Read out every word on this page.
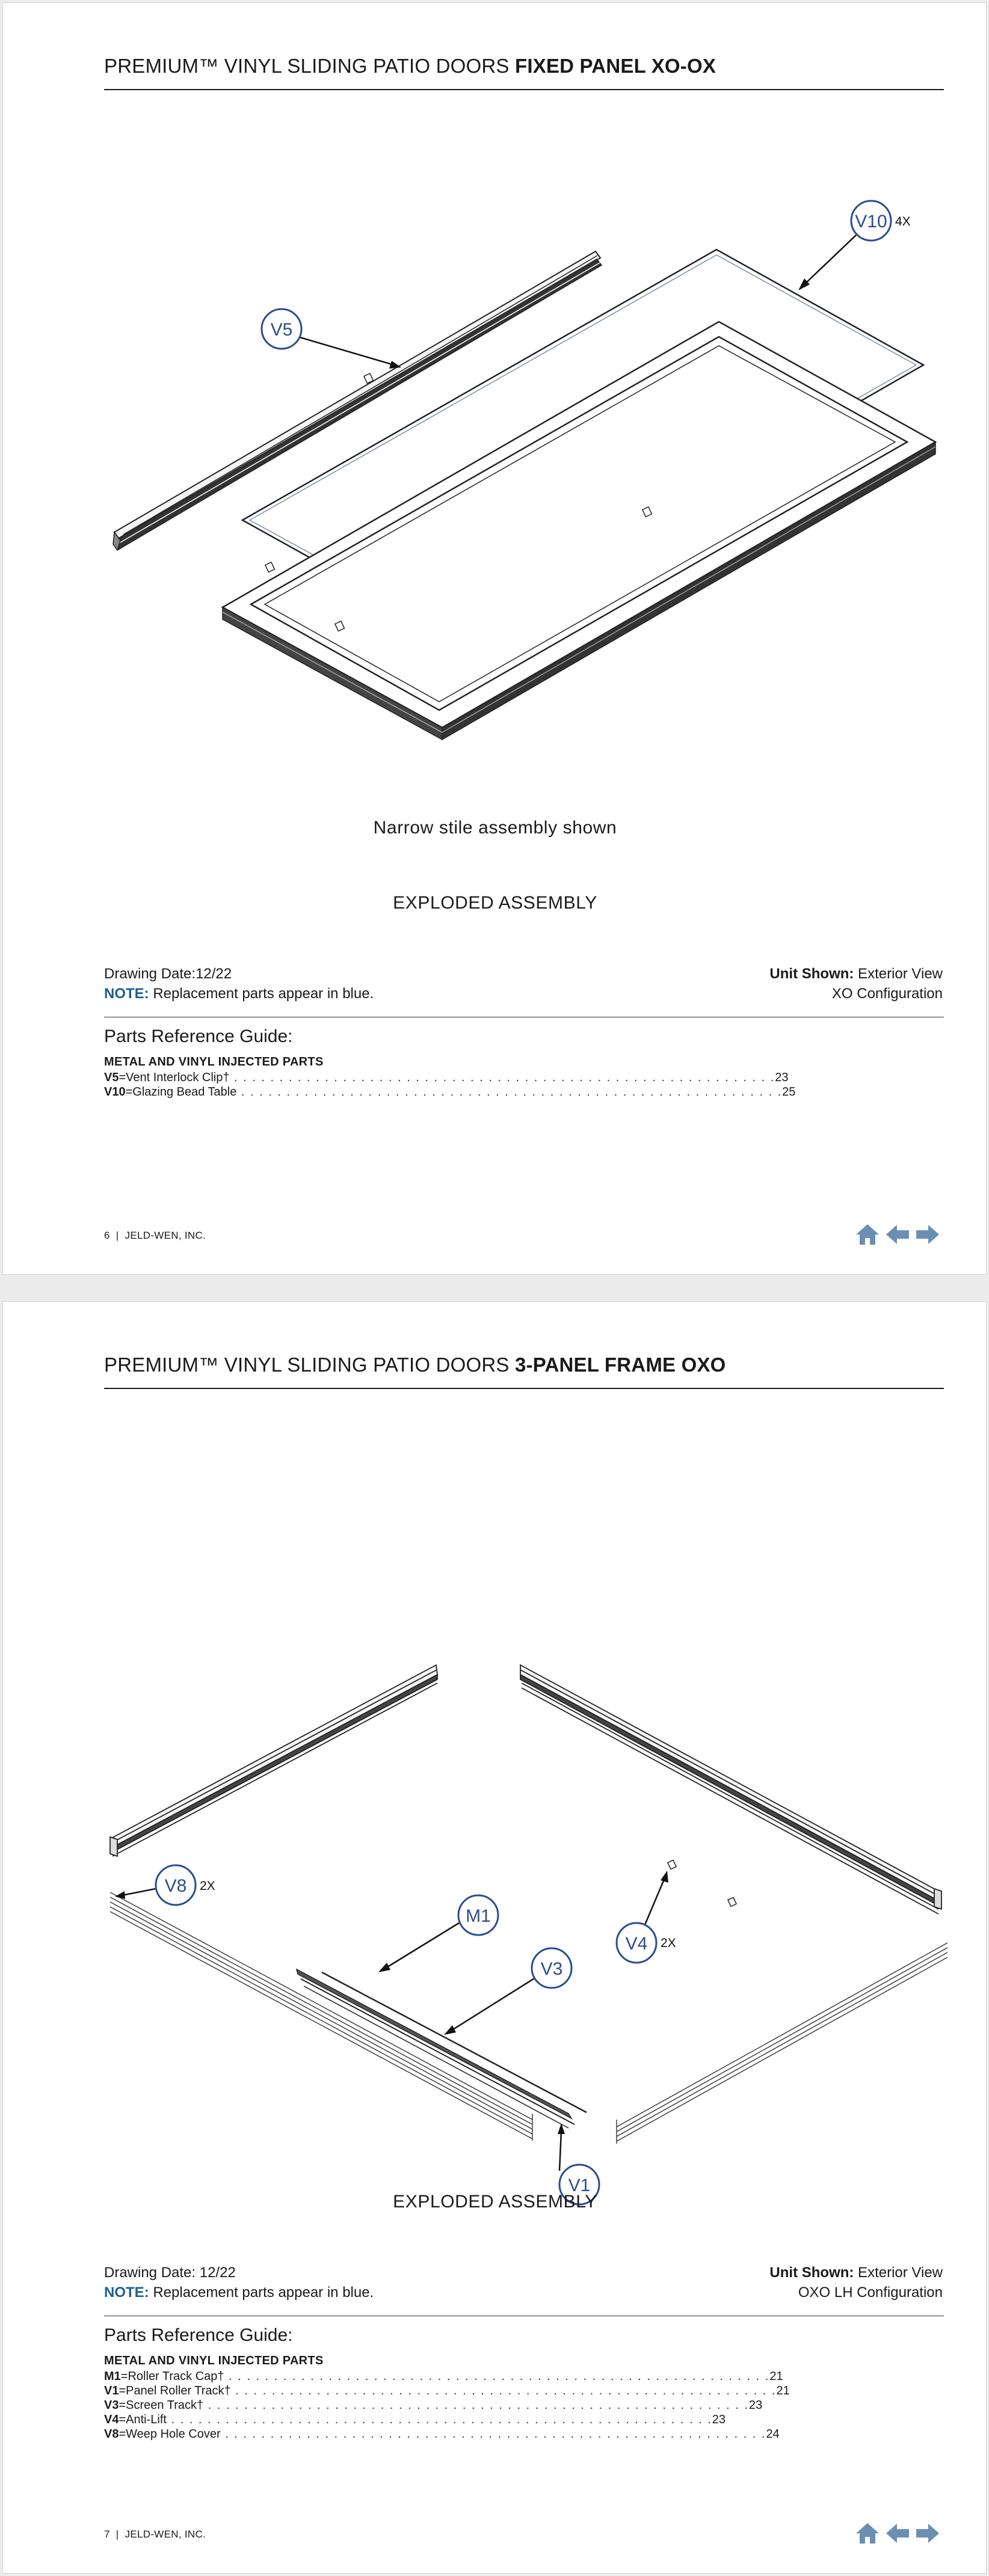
PREMIUM™ VINYL SLIDING PATIO DOORS FIXED PANEL XO-OX
V10 4X
V5
Narrow stile assembly shown
EXPLODED ASSEMBLY
Drawing Date:12/22
NOTE: Replacement parts appear in blue.
Unit Shown: Exterior View
XO Configuration
Parts Reference Guide:
METAL AND VINYL INJECTED PARTS
V5 = Vent Interlock Clip† . . .	23
V10 = Glazing Bead Table . . .	25
6  |  JELD-WEN, INC.
PREMIUM™ VINYL SLIDING PATIO DOORS 3-PANEL FRAME OXO
V4 2X
V8 2X
M1
V3
V1
EXPLODED ASSEMBLY
Drawing Date: 12/22
NOTE: Replacement parts appear in blue.
Unit Shown: Exterior View
OXO LH Configuration
Parts Reference Guide:
METAL AND VINYL INJECTED PARTS
M1 = Roller Track Cap† . . .	21
V1 = Panel Roller Track† . . .	21
V3 = Screen Track† . . .	23
V4 = Anti-Lift . . .	23
V8 = Weep Hole Cover . . .	24
7  |  JELD-WEN, INC.
